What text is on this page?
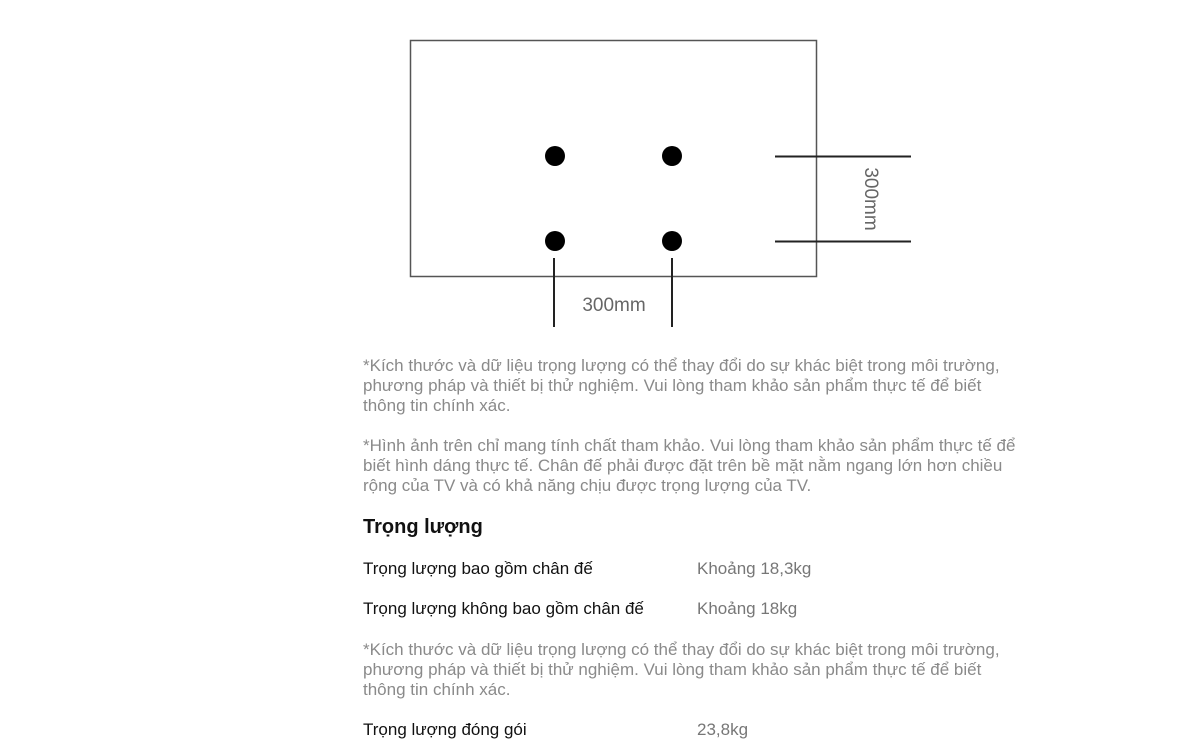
300mm
300mm
*Kích thước và dữ liệu trọng lượng có thể thay đổi do sự khác biệt trong môi trường, phương pháp và thiết bị thử nghiệm. Vui lòng tham khảo sản phẩm thực tế để biết thông tin chính xác.
*Hình ảnh trên chỉ mang tính chất tham khảo. Vui lòng tham khảo sản phẩm thực tế để biết hình dáng thực tế. Chân đế phải được đặt trên bề mặt nằm ngang lớn hơn chiều rộng của TV và có khả năng chịu được trọng lượng của TV.
Trọng lượng
Trọng lượng bao gồm chân đế	Khoảng 18,3kg
Trọng lượng không bao gồm chân đế	Khoảng 18kg
*Kích thước và dữ liệu trọng lượng có thể thay đổi do sự khác biệt trong môi trường, phương pháp và thiết bị thử nghiệm. Vui lòng tham khảo sản phẩm thực tế để biết thông tin chính xác.
Trọng lượng đóng gói	23,8kg
